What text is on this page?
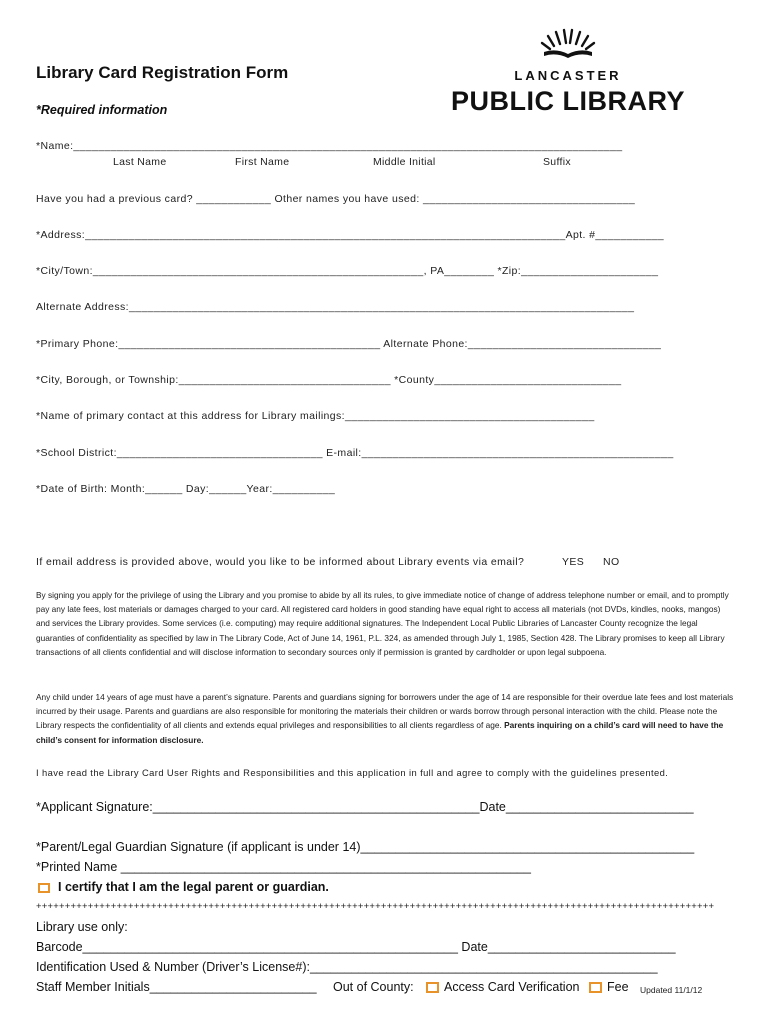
Library Card Registration Form
*Required information
LANCASTER
PUBLIC LIBRARY
*Name:________________________________________________________________________________________
Last Name	First Name	Middle Initial	Suffix
Have you had a previous card? ____________ Other names you have used: __________________________________
*Address:_____________________________________________________________________________Apt. #___________
*City/Town:_____________________________________________________, PA________ *Zip:______________________
Alternate Address:_________________________________________________________________________________
*Primary Phone:__________________________________________ Alternate Phone:_______________________________
*City, Borough, or Township:__________________________________ *County______________________________
*Name of primary contact at this address for Library mailings:________________________________________
*School District:_________________________________ E-mail:__________________________________________________
*Date of Birth: Month:______ Day:______Year:__________
If email address is provided above, would you like to be informed about Library events via email?	YES NO
By signing you apply for the privilege of using the Library and you promise to abide by all its rules, to give immediate notice of change of address telephone number or email, and to promptly pay any late fees, lost materials or damages charged to your card. All registered card holders in good standing have equal right to access all materials (not DVDs, kindles, nooks, mangos) and services the Library provides. Some services (i.e. computing) may require additional signatures. The Independent Local Public Libraries of Lancaster County recognize the legal guaranties of confidentiality as specified by law in The Library Code, Act of June 14, 1961, P.L. 324, as amended through July 1, 1985, Section 428. The Library promises to keep all Library transactions of all clients confidential and will disclose information to secondary sources only if permission is granted by cardholder or upon legal subpoena.
Any child under 14 years of age must have a parent’s signature. Parents and guardians signing for borrowers under the age of 14 are responsible for their overdue late fees and lost materials incurred by their usage. Parents and guardians are also responsible for monitoring the materials their children or wards borrow through personal interaction with the child. Please note the Library respects the confidentiality of all clients and extends equal privileges and responsibilities to all clients regardless of age. Parents inquiring on a child’s card will need to have the child’s consent for information disclosure.
I have read the Library Card User Rights and Responsibilities and this application in full and agree to comply with the guidelines presented.
*Applicant Signature:_______________________________________________Date___________________________
*Parent/Legal Guardian Signature (if applicant is under 14)________________________________________________
*Printed Name ___________________________________________________________
I certify that I am the legal parent or guardian.
++++++++++++++++++++++++++++++++++++++++++++++++++++++++++++++++++++++++++++++++++++++++++++++++++++++++++++++++++++++
Library use only:
Barcode______________________________________________________ Date___________________________
Identification Used & Number (Driver’s License#):__________________________________________________
Staff Member Initials________________________ Out of County:	Access Card Verification	Fee Updated 11/1/12
